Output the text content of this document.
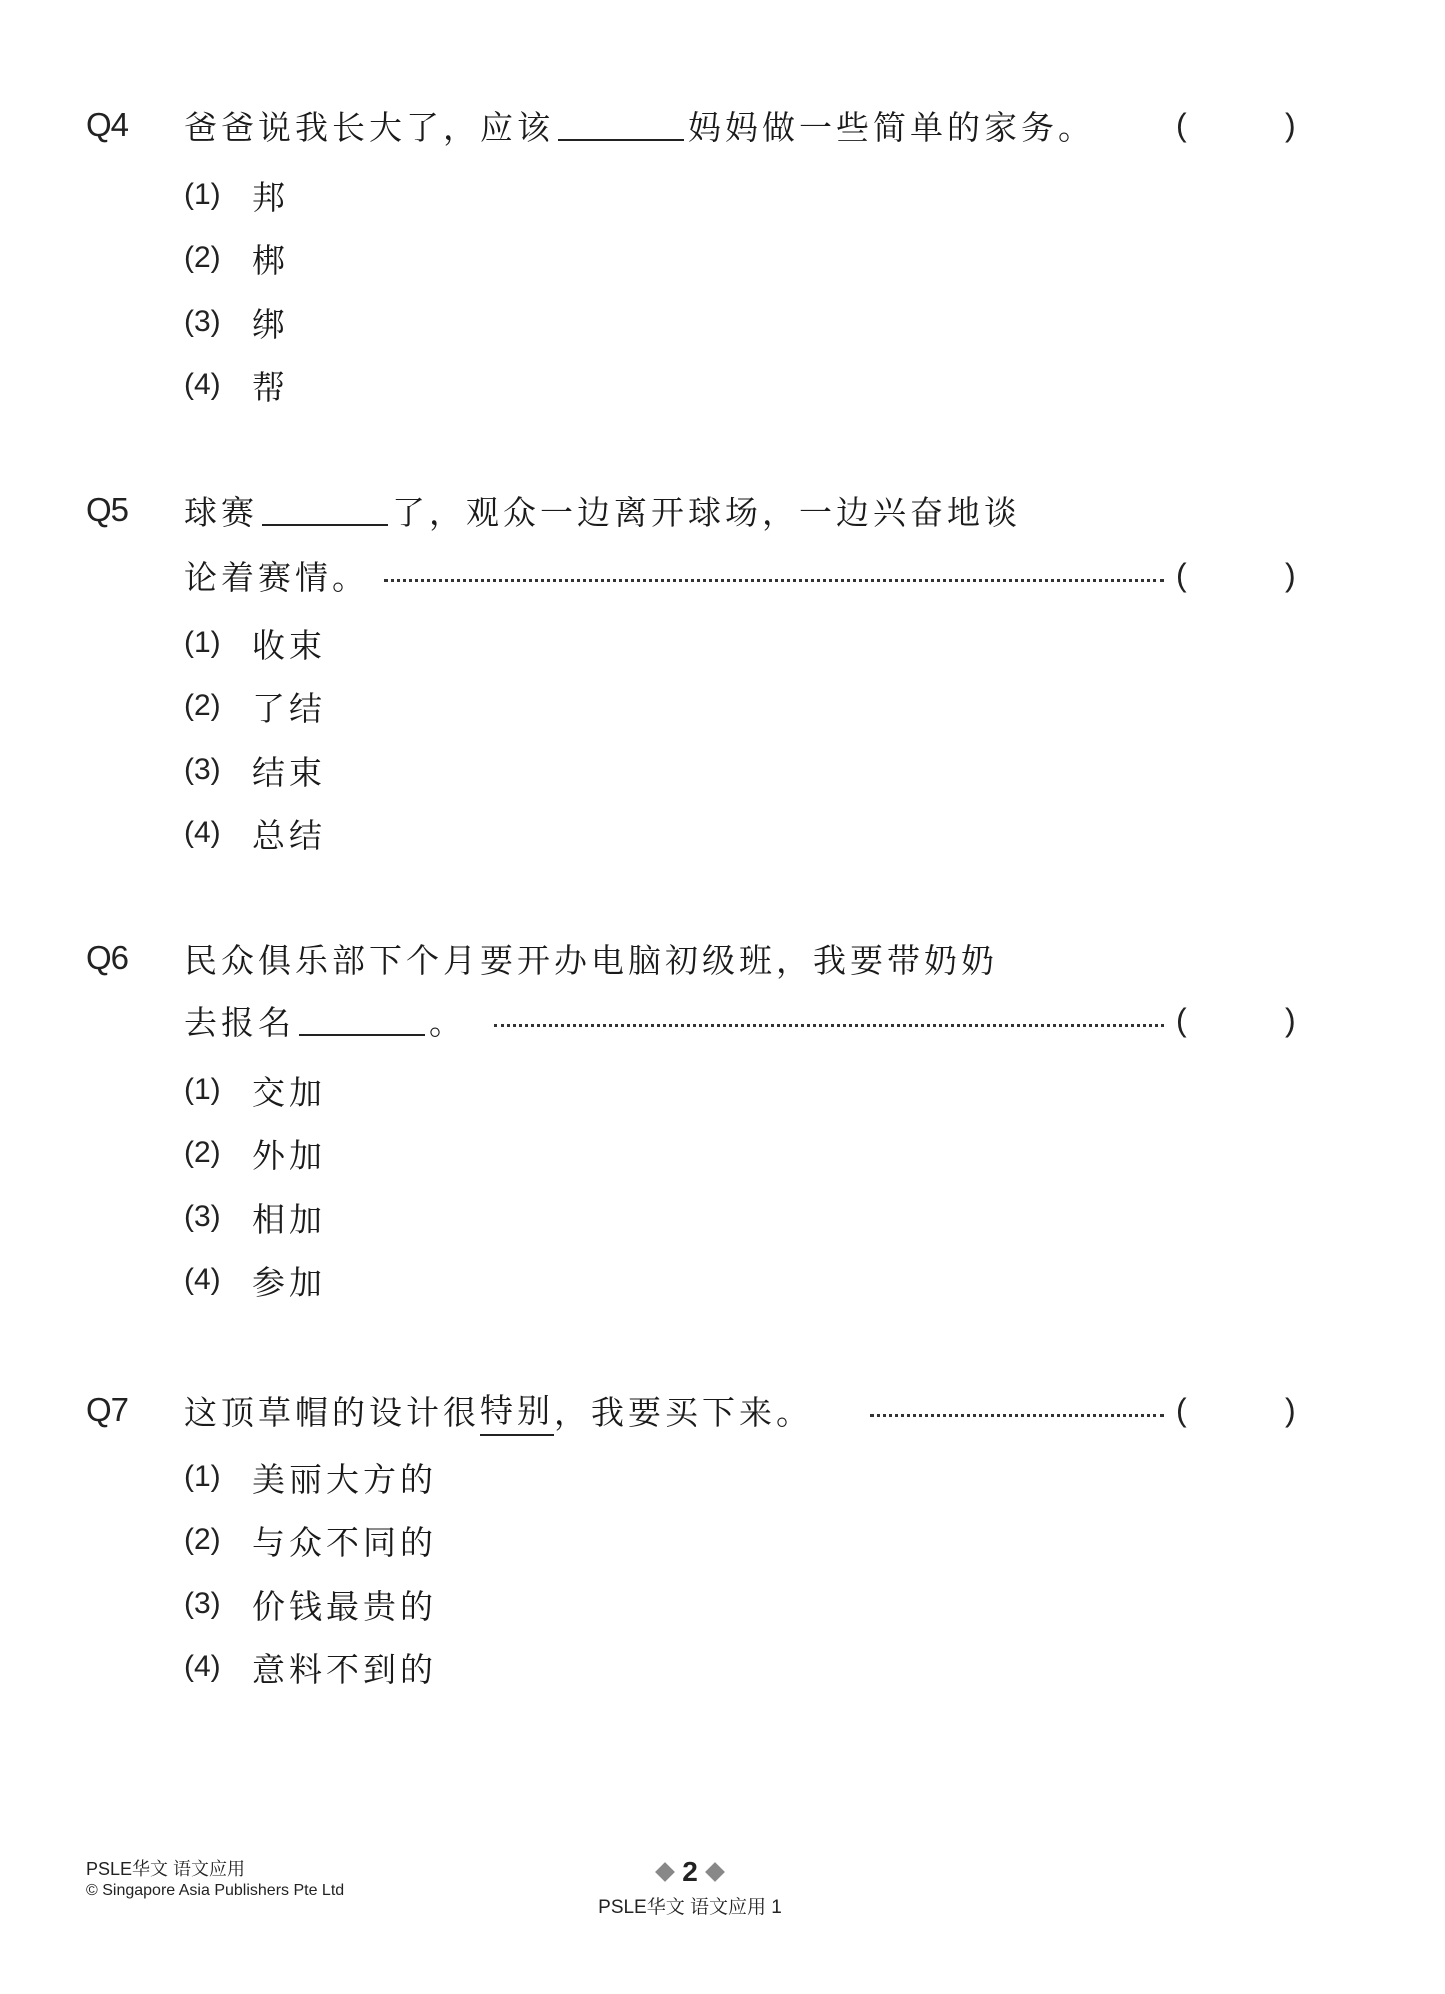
Q4 爸爸说我长大了，应该	妈妈做一些简单的家务。	(	)
(1) 邦
(2) 梆
(3) 绑
(4) 帮
Q5 球赛	了，观众一边离开球场，一边兴奋地谈
论着赛情。	(	)
(1) 收束
(2) 了结
(3) 结束
(4) 总结
Q6 民众俱乐部下个月要开办电脑初级班，我要带奶奶
去报名	。	(	)
(1) 交加
(2) 外加
(3) 相加
(4) 参加
Q7 这顶草帽的设计很 特别 ，我要买下来。	(	)
(1) 美丽大方的
(2) 与众不同的
(3) 价钱最贵的
(4) 意料不到的
PSLE华文 语文应用
© Singapore Asia Publishers Pte Ltd
2
PSLE华文 语文应用 1
